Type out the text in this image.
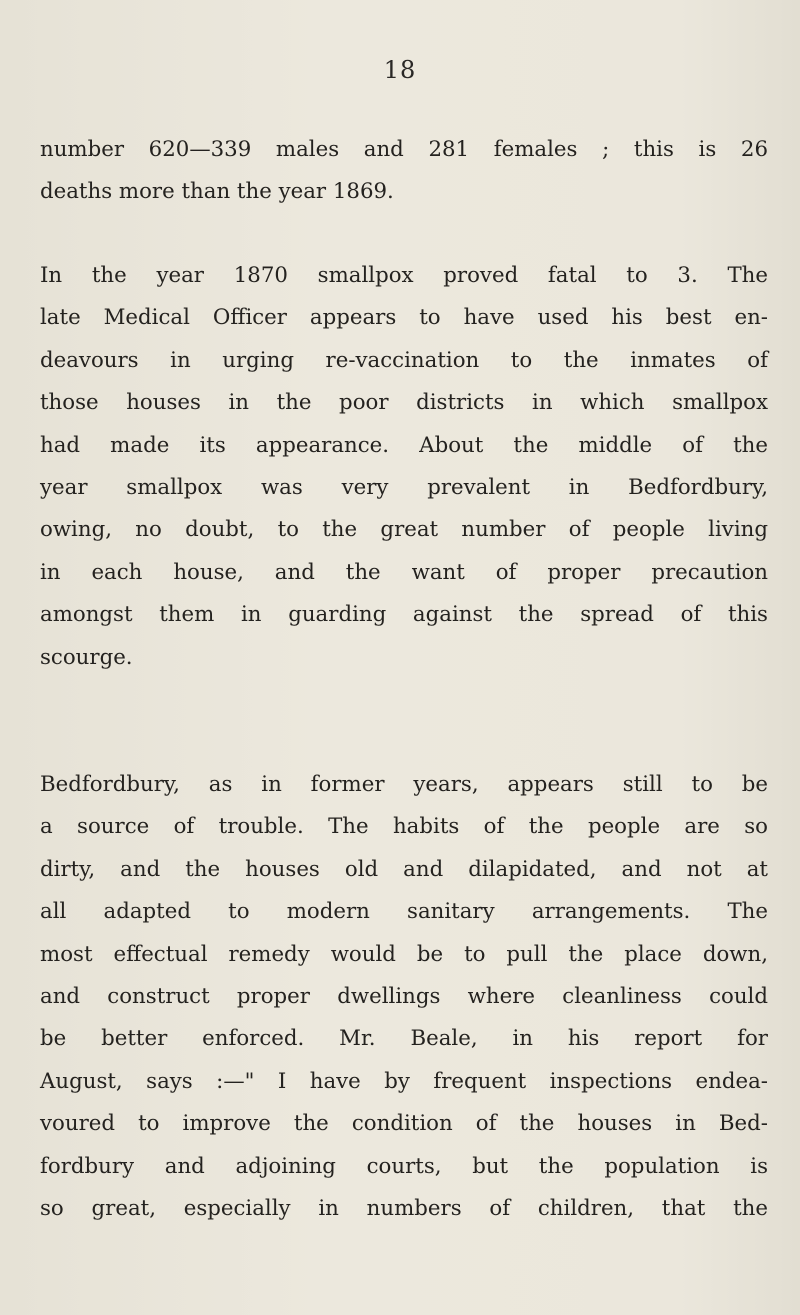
18
number 620—339 males and 281 females ; this is 26
deaths more than the year 1869.
In the year 1870 smallpox proved fatal to 3. The
late Medical Officer appears to have used his best en-
deavours in urging re-vaccination to the inmates of
those houses in the poor districts in which smallpox
had made its appearance. About the middle of the
year smallpox was very prevalent in Bedfordbury,
owing, no doubt, to the great number of people living
in each house, and the want of proper precaution
amongst them in guarding against the spread of this
scourge.
Bedfordbury, as in former years, appears still to be
a source of trouble. The habits of the people are so
dirty, and the houses old and dilapidated, and not at
all adapted to modern sanitary arrangements. The
most effectual remedy would be to pull the place down,
and construct proper dwellings where cleanliness could
be better enforced. Mr. Beale, in his report for
August, says :—" I have by frequent inspections endea-
voured to improve the condition of the houses in Bed-
fordbury and adjoining courts, but the population is
so great, especially in numbers of children, that the
